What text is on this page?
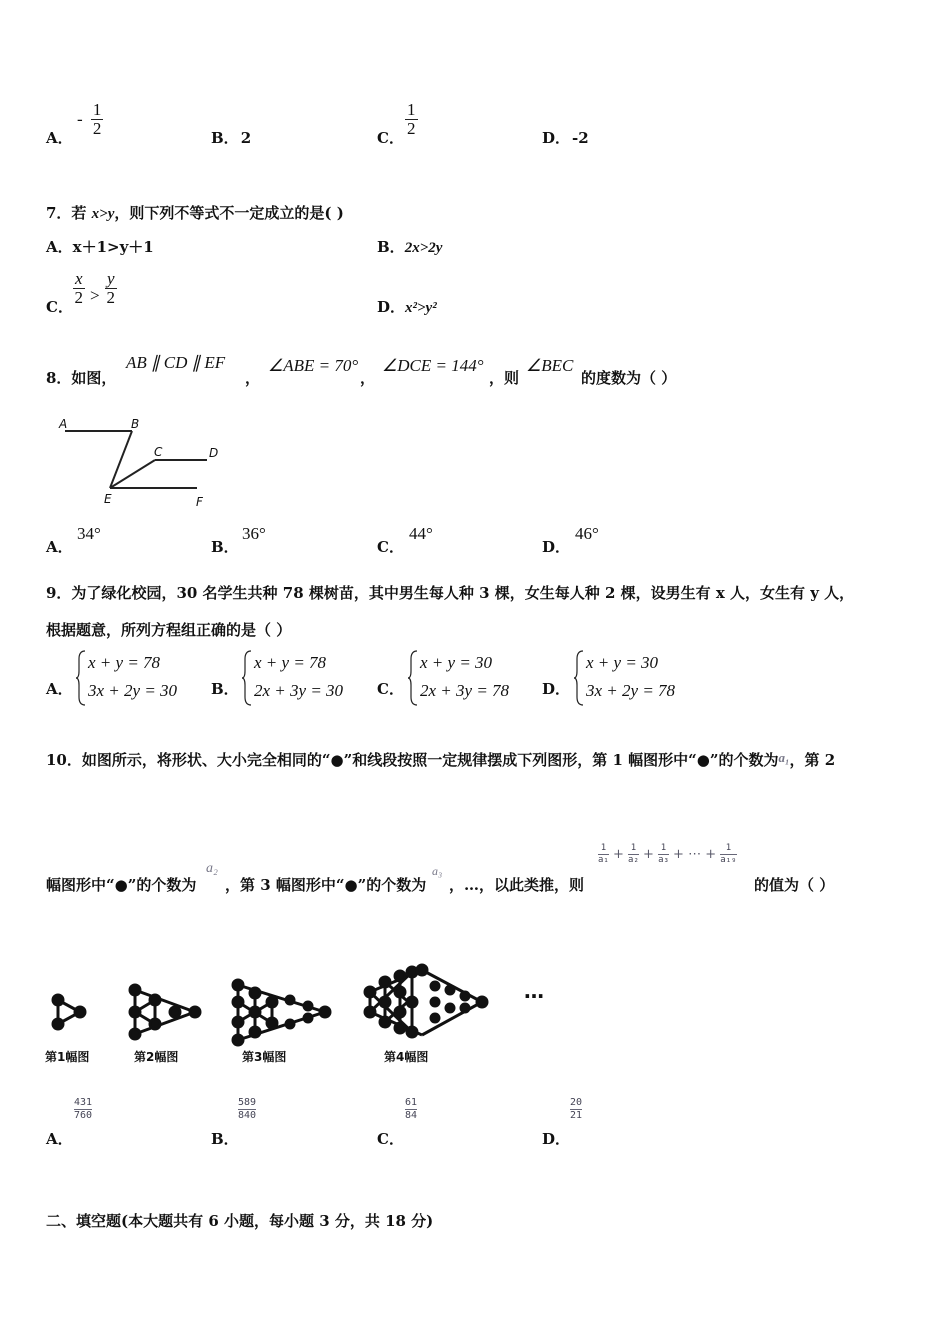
A．
- $\frac{1}{2}$	B． 2	C． $\frac{1}{2}$	D． -2
7．若 x>y，则下列不等式不一定成立的是( )
A．x＋1>y＋1	B．2x>2y
C． $\frac{x}{2} > \frac{y}{2}$	D．x²>y²
8．如图，
AB ∥ CD ∥ EF
，
∠ABE = 70°
，
∠DCE = 144°
，则
∠BEC
的度数为（ ）
A	B
C	D
E	F
A．
34°
B．
36°
C．
44°
D．
46°
9．为了绿化校园，30 名学生共种 78 棵树苗，其中男生每人种 3 棵，女生每人种 2 棵，设男生有 x 人，女生有 y 人，
根据题意，所列方程组正确的是（ ）
A．
x + y = 78
3x + 2y = 30 B．
x + y = 78
2x + 3y = 30 C．
x + y = 30
2x + 3y = 78 D．
x + y = 30
3x + 2y = 78
10．如图所示，将形状、大小完全相同的“●”和线段按照一定规律摆成下列图形，第 1 幅图形中“●”的个数为a₁，第 2
幅图形中“●”的个数为
a₂
，第 3 幅图形中“●”的个数为
a₃
，…，以此类推，则
$\frac{1}{\text{a₁}} + \frac{1}{\text{a₂}} + \frac{1}{\text{a₃}}$ + ⋯ + $\frac{1}{\text{a₁₉}}$
的值为（ ）
…
第1幅图	第2幅图	第3幅图	第4幅图
A．
$\frac{431}{760}$
B．
$\frac{589}{840}$
C．
$\frac{61}{84}$
D．
$\frac{20}{21}$
二、填空题(本大题共有 6 小题，每小题 3 分，共 18 分)
